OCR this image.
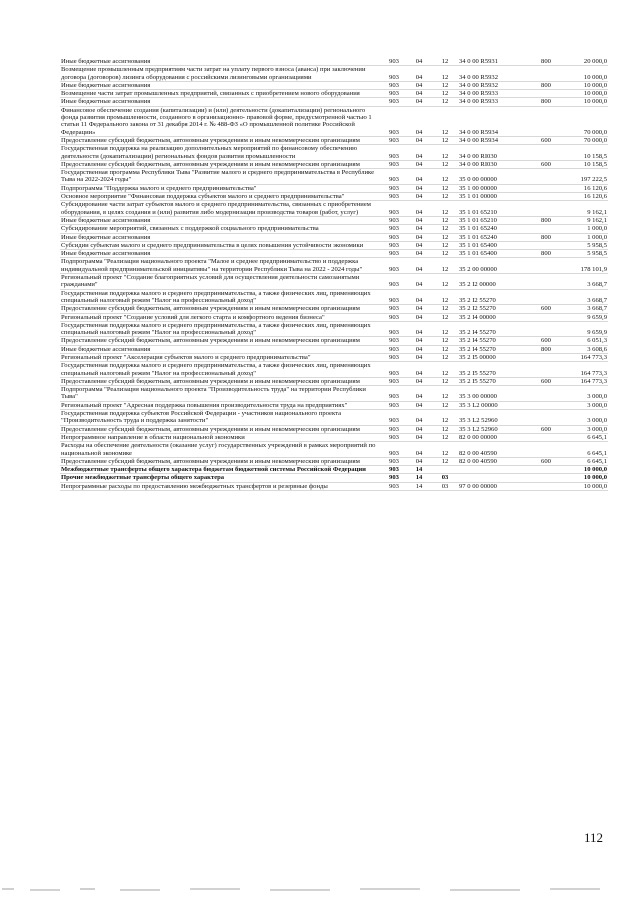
Иные бюджетные ассигнования	903	04	12	34 0 00 R5931	800	20 000,0
Возмещение промышленным предприятиям части затрат на уплату первого взноса (аванса) при заключении договора (договоров) лизинга оборудования с российскими лизинговыми организациями	903	04	12	34 0 00 R5932		10 000,0
Иные бюджетные ассигнования	903	04	12	34 0 00 R5932	800	10 000,0
Возмещение части затрат промышленных предприятий, связанных с приобретением нового оборудования	903	04	12	34 0 00 R5933		10 000,0
Иные бюджетные ассигнования	903	04	12	34 0 00 R5933	800	10 000,0
Финансовое обеспечение создания (капитализации) и (или) деятельности (докапитализации) регионального фонда развития промышленности, созданного в организационно- правовой форме, предусмотренной частью 1 статьи 11 Федерального закона от 31 декабря 2014 г. № 488-ФЗ «О промышленной политике Российской Федерации»	903	04	12	34 0 00 R5934		70 000,0
Предоставление субсидий бюджетным, автономным учреждениям и иным некоммерческим организациям	903	04	12	34 0 00 R5934	600	70 000,0
Государственная поддержка на реализацию дополнительных мероприятий по финансовому обеспечению деятельности (докапитализации) региональных фондов развития промышленности	903	04	12	34 0 00 RI030		10 158,5
Предоставление субсидий бюджетным, автономным учреждениям и иным некоммерческим организациям	903	04	12	34 0 00 RI030	600	10 158,5
Государственная программа Республики Тыва "Развитие малого и среднего предпринимательства в Республике Тыва на 2022-2024 годы"	903	04	12	35 0 00 00000		197 222,5
Подпрограмма "Поддержка малого и среднего предпринимательства"	903	04	12	35 1 00 00000		16 120,6
Основное мероприятие "Финансовая поддержка субъектов малого и среднего предпринимательства"	903	04	12	35 1 01 00000		16 120,6
Субсидирование части затрат субъектов малого и среднего предпринимательства, связанных с приобретением оборудования, в целях создания и (или) развития либо модернизации производства товаров (работ, услуг)	903	04	12	35 1 01 65210		9 162,1
Иные бюджетные ассигнования	903	04	12	35 1 01 65210	800	9 162,1
Субсидирование мероприятий, связанных с поддержкой социального предпринимательства	903	04	12	35 1 01 65240		1 000,0
Иные бюджетные ассигнования	903	04	12	35 1 01 65240	800	1 000,0
Субсидии субъектам малого и среднего предпринимательства в целях повышения устойчивости экономики	903	04	12	35 1 01 65400		5 958,5
Иные бюджетные ассигнования	903	04	12	35 1 01 65400	800	5 958,5
Подпрограмма "Реализация национального проекта "Малое и среднее предпринимательство и поддержка индивидуальной предпринимательской инициативы" на территории Республики Тыва на 2022 - 2024 годы"	903	04	12	35 2 00 00000		178 101,9
Региональный проект "Создание благоприятных условий для осуществления деятельности самозанятыми гражданами"	903	04	12	35 2 I2 00000		3 668,7
Государственная поддержка малого и среднего предпринимательства, а также физических лиц, применяющих специальный налоговый режим "Налог на профессиональный доход"	903	04	12	35 2 I2 55270		3 668,7
Предоставление субсидий бюджетным, автономным учреждениям и иным некоммерческим организациям	903	04	12	35 2 I2 55270	600	3 668,7
Региональный проект "Создание условий для легкого старта и комфортного ведения бизнеса"	903	04	12	35 2 I4 00000		9 659,9
Государственная поддержка малого и среднего предпринимательства, а также физических лиц, применяющих специальный налоговый режим "Налог на профессиональный доход"	903	04	12	35 2 I4 55270		9 659,9
Предоставление субсидий бюджетным, автономным учреждениям и иным некоммерческим организациям	903	04	12	35 2 I4 55270	600	6 051,3
Иные бюджетные ассигнования	903	04	12	35 2 I4 55270	800	3 608,6
Региональный проект "Акселерация субъектов малого и среднего предпринимательства"	903	04	12	35 2 I5 00000		164 773,3
Государственная поддержка малого и среднего предпринимательства, а также физических лиц, применяющих специальный налоговый режим "Налог на профессиональный доход"	903	04	12	35 2 I5 55270		164 773,3
Предоставление субсидий бюджетным, автономным учреждениям и иным некоммерческим организациям	903	04	12	35 2 I5 55270	600	164 773,3
Подпрограмма "Реализация национального проекта "Производительность труда" на территории Республики Тыва"	903	04	12	35 3 00 00000		3 000,0
Региональный проект "Адресная поддержка повышения производительности труда на предприятиях"	903	04	12	35 3 L2 00000		3 000,0
Государственная поддержка субъектов Российской Федерации - участников национального проекта "Производительность труда и поддержка занятости"	903	04	12	35 3 L2 52960		3 000,0
Предоставление субсидий бюджетным, автономным учреждениям и иным некоммерческим организациям	903	04	12	35 3 L2 52960	600	3 000,0
Непрограммное направление в области национальной экономики	903	04	12	82 0 00 00000		6 645,1
Расходы на обеспечение деятельности (оказание услуг) государственных учреждений в рамках мероприятий по национальной экономике	903	04	12	82 0 00 40590		6 645,1
Предоставление субсидий бюджетным, автономным учреждениям и иным некоммерческим организациям	903	04	12	82 0 00 40590	600	6 645,1
Межбюджетные трансферты общего характера бюджетам бюджетной системы Российской Федерации	903	14				10 000,0
Прочие межбюджетные трансферты общего характера	903	14	03			10 000,0
Непрограммные расходы по предоставлению межбюджетных трансфертов и резервные фонды	903	14	03	97 0 00 00000		10 000,0
112
